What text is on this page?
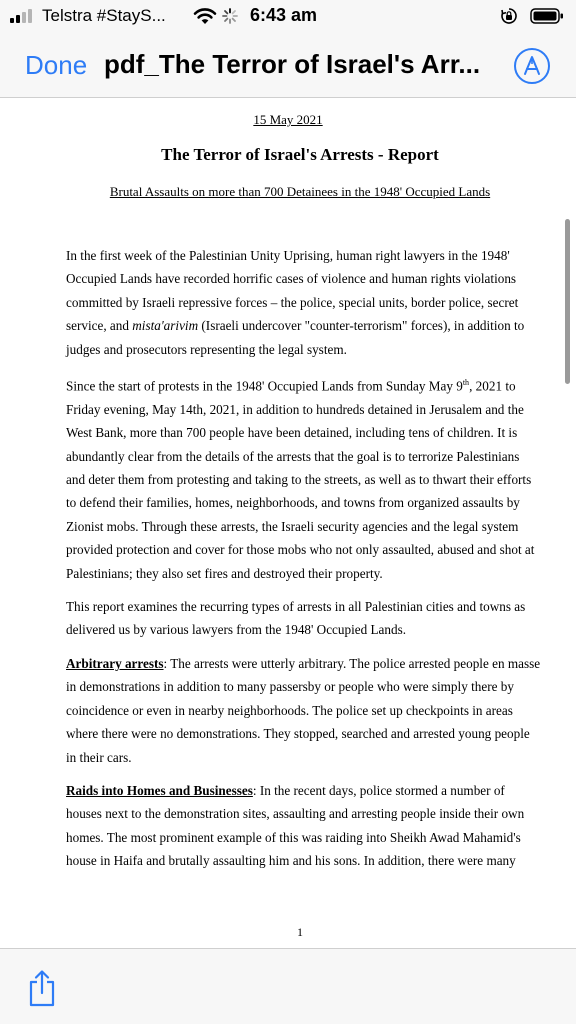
Telstra #StayS...	6:43 am
Done pdf_The Terror of Israel's Arr...
15 May 2021
The Terror of Israel's Arrests - Report
Brutal Assaults on more than 700 Detainees in the 1948' Occupied Lands

In the first week of the Palestinian Unity Uprising, human right lawyers in the 1948' Occupied Lands have recorded horrific cases of violence and human rights violations committed by Israeli repressive forces – the police, special units, border police, secret service, and mista'arivim (Israeli undercover "counter-terrorism" forces), in addition to judges and prosecutors representing the legal system.

Since the start of protests in the 1948' Occupied Lands from Sunday May 9th, 2021 to Friday evening, May 14th, 2021, in addition to hundreds detained in Jerusalem and the West Bank, more than 700 people have been detained, including tens of children. It is abundantly clear from the details of the arrests that the goal is to terrorize Palestinians and deter them from protesting and taking to the streets, as well as to thwart their efforts to defend their families, homes, neighborhoods, and towns from organized assaults by Zionist mobs. Through these arrests, the Israeli security agencies and the legal system provided protection and cover for those mobs who not only assaulted, abused and shot at Palestinians; they also set fires and destroyed their property.

This report examines the recurring types of arrests in all Palestinian cities and towns as delivered us by various lawyers from the 1948' Occupied Lands.

Arbitrary arrests: The arrests were utterly arbitrary. The police arrested people en masse in demonstrations in addition to many passersby or people who were simply there by coincidence or even in nearby neighborhoods. The police set up checkpoints in areas where there were no demonstrations. They stopped, searched and arrested young people in their cars.

Raids into Homes and Businesses: In the recent days, police stormed a number of houses next to the demonstration sites, assaulting and arresting people inside their own homes. The most prominent example of this was raiding into Sheikh Awad Mahamid's house in Haifa and brutally assaulting him and his sons. In addition, there were many

1
